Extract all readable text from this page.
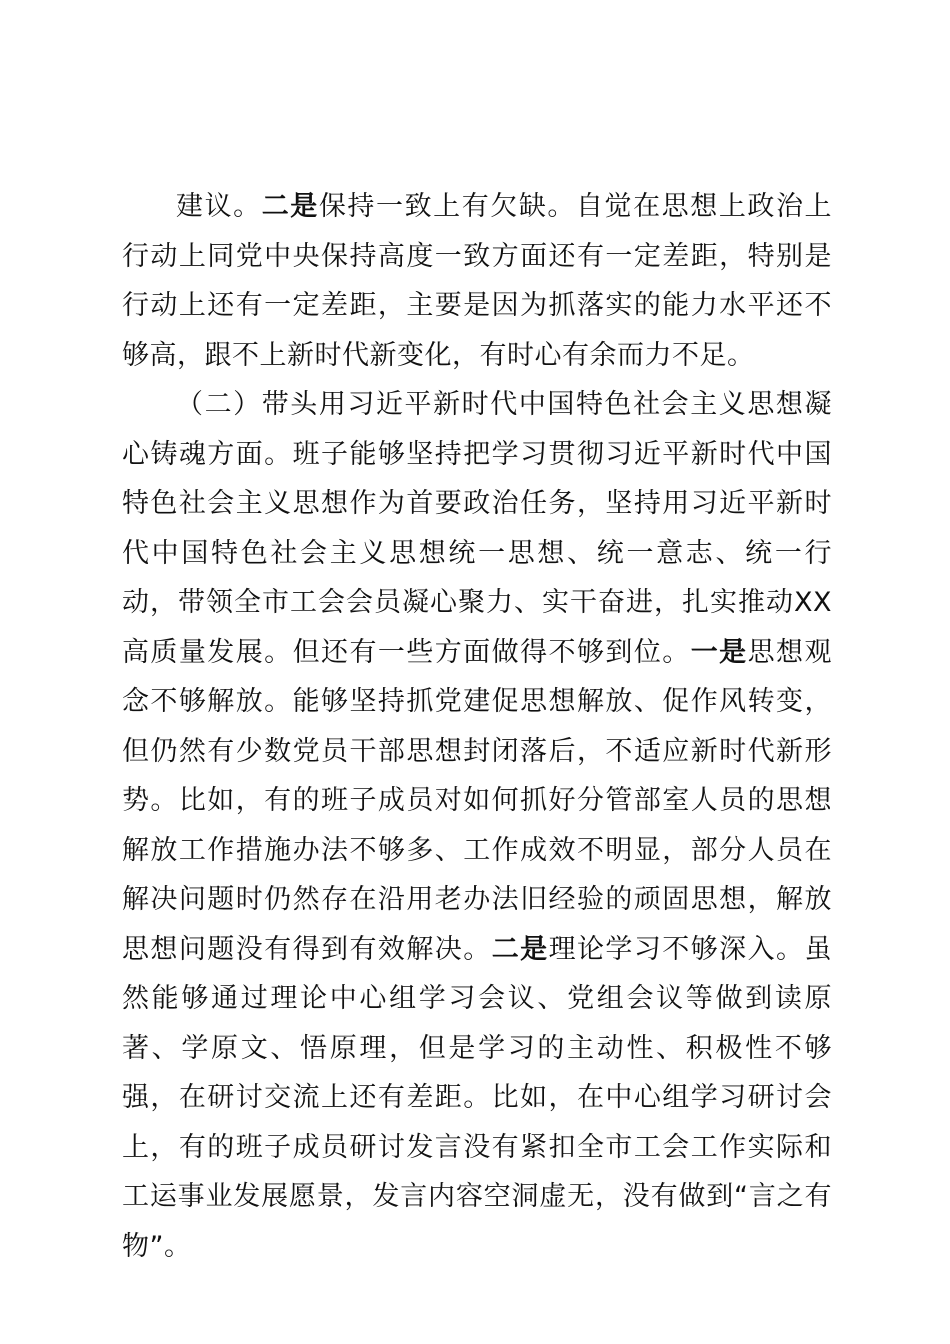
建议。二是保持一致上有欠缺。自觉在思想上政治上行动上同党中央保持高度一致方面还有一定差距，特别是行动上还有一定差距，主要是因为抓落实的能力水平还不够高，跟不上新时代新变化，有时心有余而力不足。

（二）带头用习近平新时代中国特色社会主义思想凝心铸魂方面。班子能够坚持把学习贯彻习近平新时代中国特色社会主义思想作为首要政治任务，坚持用习近平新时代中国特色社会主义思想统一思想、统一意志、统一行动，带领全市工会会员凝心聚力、实干奋进，扎实推动XX高质量发展。但还有一些方面做得不够到位。一是思想观念不够解放。能够坚持抓党建促思想解放、促作风转变，但仍然有少数党员干部思想封闭落后，不适应新时代新形势。比如，有的班子成员对如何抓好分管部室人员的思想解放工作措施办法不够多、工作成效不明显，部分人员在解决问题时仍然存在沿用老办法旧经验的顽固思想，解放思想问题没有得到有效解决。二是理论学习不够深入。虽然能够通过理论中心组学习会议、党组会议等做到读原著、学原文、悟原理，但是学习的主动性、积极性不够强，在研讨交流上还有差距。比如，在中心组学习研讨会上，有的班子成员研讨发言没有紧扣全市工会工作实际和工运事业发展愿景，发言内容空洞虚无，没有做到“言之有物”。
